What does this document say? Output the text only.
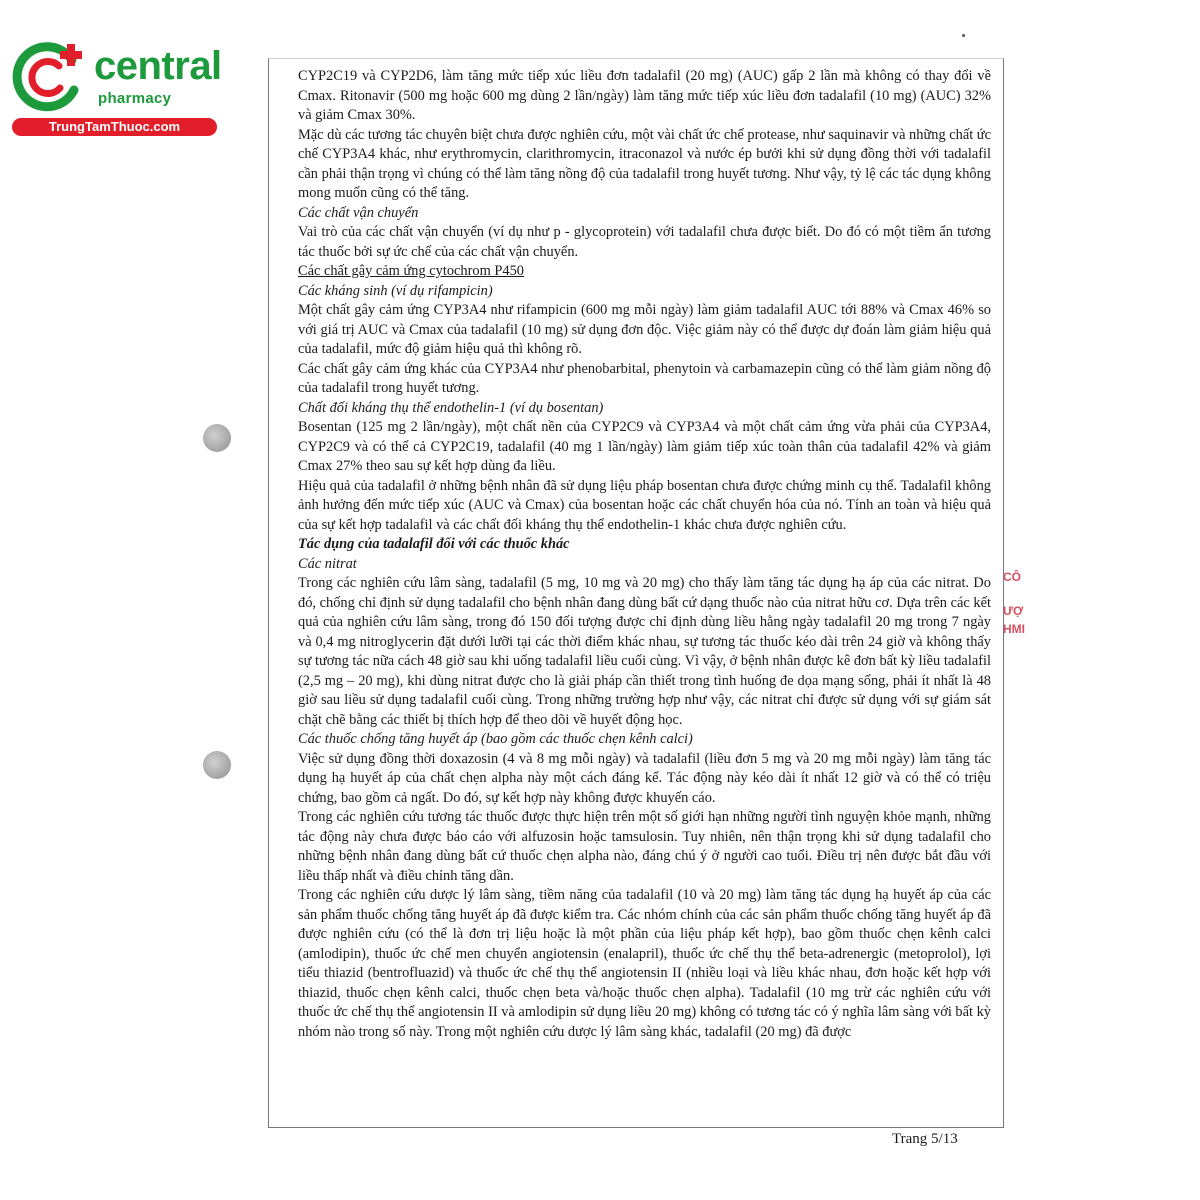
central
pharmacy
TrungTamThuoc.com
CÔ
ƯỢ
HMI

CYP2C19 và CYP2D6, làm tăng mức tiếp xúc liều đơn tadalafil (20 mg) (AUC) gấp 2 lần mà không có thay đổi về Cmax. Ritonavir (500 mg hoặc 600 mg dùng 2 lần/ngày) làm tăng mức tiếp xúc liều đơn tadalafil (10 mg) (AUC) 32% và giảm Cmax 30%.

Mặc dù các tương tác chuyên biệt chưa được nghiên cứu, một vài chất ức chế protease, như saquinavir và những chất ức chế CYP3A4 khác, như erythromycin, clarithromycin, itraconazol và nước ép bưởi khi sử dụng đồng thời với tadalafil cần phải thận trọng vì chúng có thể làm tăng nồng độ của tadalafil trong huyết tương. Như vậy, tỷ lệ các tác dụng không mong muốn cũng có thể tăng.

Các chất vận chuyển

Vai trò của các chất vận chuyển (ví dụ như p - glycoprotein) với tadalafil chưa được biết. Do đó có một tiềm ẩn tương tác thuốc bởi sự ức chế của các chất vận chuyển.

Các chất gây cảm ứng cytochrom P450

Các kháng sinh (ví dụ rifampicin)

Một chất gây cảm ứng CYP3A4 như rifampicin (600 mg mỗi ngày) làm giảm tadalafil AUC tới 88% và Cmax 46% so với giá trị AUC và Cmax của tadalafil (10 mg) sử dụng đơn độc. Việc giảm này có thể được dự đoán làm giảm hiệu quả của tadalafil, mức độ giảm hiệu quả thì không rõ.

Các chất gây cảm ứng khác của CYP3A4 như phenobarbital, phenytoin và carbamazepin cũng có thể làm giảm nồng độ của tadalafil trong huyết tương.

Chất đối kháng thụ thể endothelin-1 (ví dụ bosentan)

Bosentan (125 mg 2 lần/ngày), một chất nền của CYP2C9 và CYP3A4 và một chất cảm ứng vừa phải của CYP3A4, CYP2C9 và có thể cả CYP2C19, tadalafil (40 mg 1 lần/ngày) làm giảm tiếp xúc toàn thân của tadalafil 42% và giảm Cmax 27% theo sau sự kết hợp dùng đa liều.

Hiệu quả của tadalafil ở những bệnh nhân đã sử dụng liệu pháp bosentan chưa được chứng minh cụ thể. Tadalafil không ảnh hưởng đến mức tiếp xúc (AUC và Cmax) của bosentan hoặc các chất chuyển hóa của nó. Tính an toàn và hiệu quả của sự kết hợp tadalafil và các chất đối kháng thụ thể endothelin-1 khác chưa được nghiên cứu.

Tác dụng của tadalafil đối với các thuốc khác

Các nitrat

Trong các nghiên cứu lâm sàng, tadalafil (5 mg, 10 mg và 20 mg) cho thấy làm tăng tác dụng hạ áp của các nitrat. Do đó, chống chỉ định sử dụng tadalafil cho bệnh nhân đang dùng bất cứ dạng thuốc nào của nitrat hữu cơ. Dựa trên các kết quả của nghiên cứu lâm sàng, trong đó 150 đối tượng được chỉ định dùng liều hằng ngày tadalafil 20 mg trong 7 ngày và 0,4 mg nitroglycerin đặt dưới lưỡi tại các thời điểm khác nhau, sự tương tác thuốc kéo dài trên 24 giờ và không thấy sự tương tác nữa cách 48 giờ sau khi uống tadalafil liều cuối cùng. Vì vậy, ở bệnh nhân được kê đơn bất kỳ liều tadalafil (2,5 mg – 20 mg), khi dùng nitrat được cho là giải pháp cần thiết trong tình huống đe dọa mạng sống, phải ít nhất là 48 giờ sau liều sử dụng tadalafil cuối cùng. Trong những trường hợp như vậy, các nitrat chỉ được sử dụng với sự giám sát chặt chẽ bằng các thiết bị thích hợp để theo dõi về huyết động học.

Các thuốc chống tăng huyết áp (bao gồm các thuốc chẹn kênh calci)

Việc sử dụng đồng thời doxazosin (4 và 8 mg mỗi ngày) và tadalafil (liều đơn 5 mg và 20 mg mỗi ngày) làm tăng tác dụng hạ huyết áp của chất chẹn alpha này một cách đáng kể. Tác động này kéo dài ít nhất 12 giờ và có thể có triệu chứng, bao gồm cả ngất. Do đó, sự kết hợp này không được khuyến cáo.

Trong các nghiên cứu tương tác thuốc được thực hiện trên một số giới hạn những người tình nguyện khỏe mạnh, những tác động này chưa được báo cáo với alfuzosin hoặc tamsulosin. Tuy nhiên, nên thận trọng khi sử dụng tadalafil cho những bệnh nhân đang dùng bất cứ thuốc chẹn alpha nào, đáng chú ý ở người cao tuổi. Điều trị nên được bắt đầu với liều thấp nhất và điều chỉnh tăng dần.

Trong các nghiên cứu dược lý lâm sàng, tiềm năng của tadalafil (10 và 20 mg) làm tăng tác dụng hạ huyết áp của các sản phẩm thuốc chống tăng huyết áp đã được kiểm tra. Các nhóm chính của các sản phẩm thuốc chống tăng huyết áp đã được nghiên cứu (có thể là đơn trị liệu hoặc là một phần của liệu pháp kết hợp), bao gồm thuốc chẹn kênh calci (amlodipin), thuốc ức chế men chuyển angiotensin (enalapril), thuốc ức chế thụ thể beta-adrenergic (metoprolol), lợi tiểu thiazid (bentrofluazid) và thuốc ức chế thụ thể angiotensin II (nhiều loại và liều khác nhau, đơn hoặc kết hợp với thiazid, thuốc chẹn kênh calci, thuốc chẹn beta và/hoặc thuốc chẹn alpha). Tadalafil (10 mg trừ các nghiên cứu với thuốc ức chế thụ thể angiotensin II và amlodipin sử dụng liều 20 mg) không có tương tác có ý nghĩa lâm sàng với bất kỳ nhóm nào trong số này. Trong một nghiên cứu dược lý lâm sàng khác, tadalafil (20 mg) đã được

Trang 5/13
